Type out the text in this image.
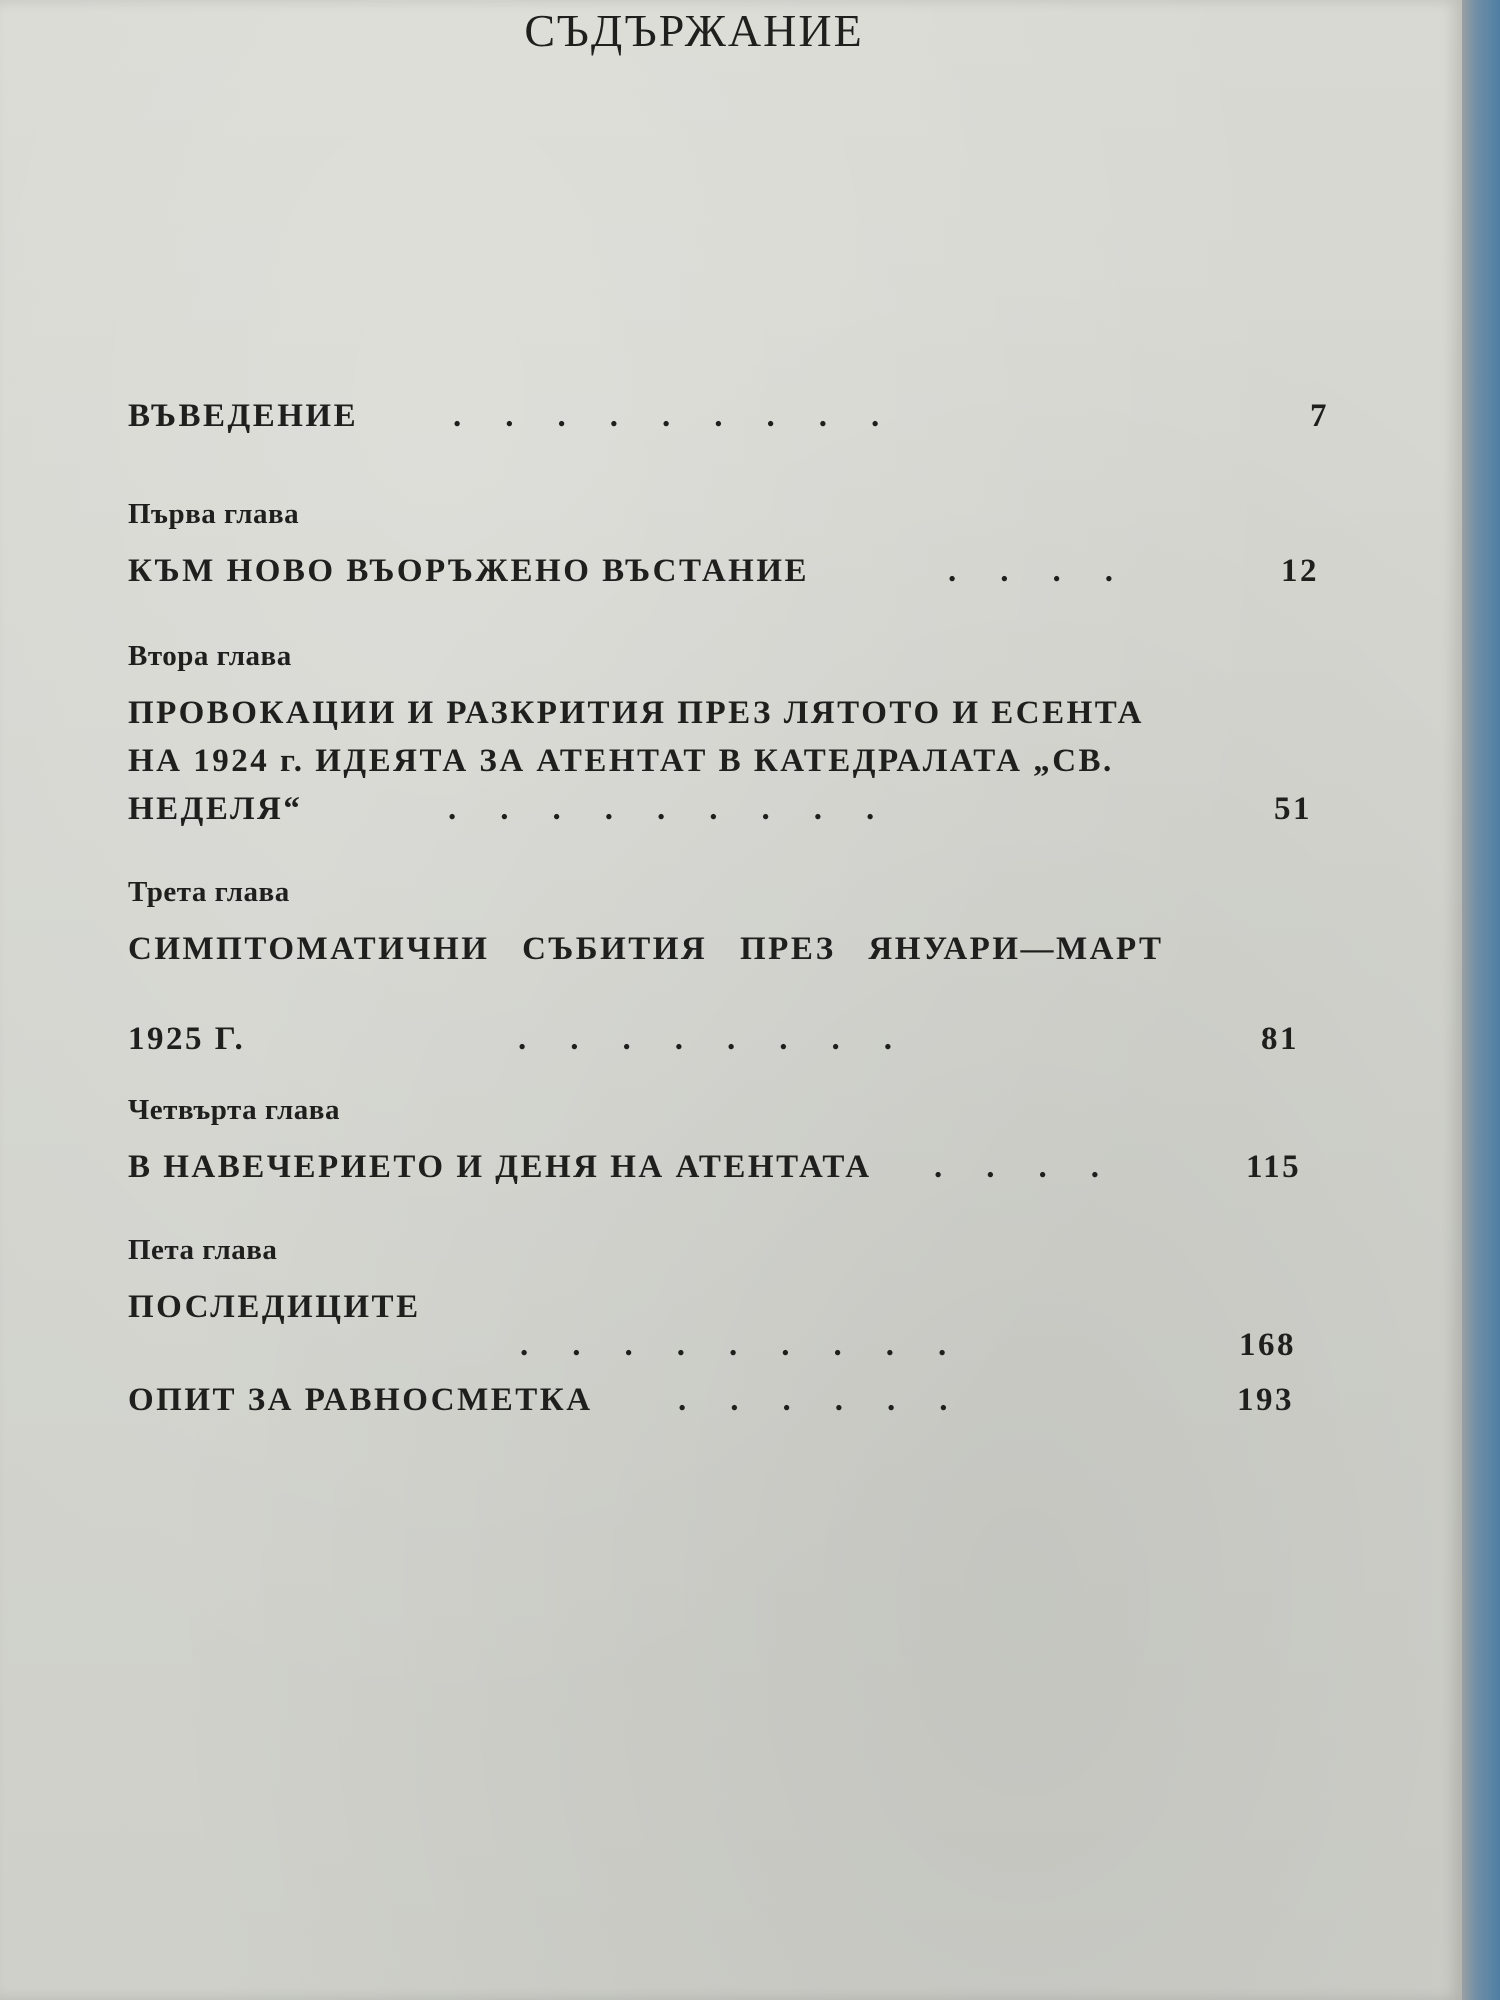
СЪДЪРЖАНИЕ
ВЪВЕДЕНИЕ	.........	7
Първа глава
КЪМ НОВО ВЪОРЪЖЕНО ВЪСТАНИЕ	....	12
Втора глава
ПРОВОКАЦИИ И РАЗКРИТИЯ ПРЕЗ ЛЯТОТО И ЕСЕНТА
НА 1924 г. ИДЕЯТА ЗА АТЕНТАТ В КАТЕДРАЛАТА „СВ.
НЕДЕЛЯ“	.........	51
Трета глава
СИМПТОМАТИЧНИ СЪБИТИЯ ПРЕЗ ЯНУАРИ—МАРТ
1925 Г.	........	81
Четвърта глава
В НАВЕЧЕРИЕТО И ДЕНЯ НА АТЕНТАТА ....	115
Пета глава
ПОСЛЕДИЦИТЕ
.........	168
ОПИТ ЗА РАВНОСМЕТКА	......	193
